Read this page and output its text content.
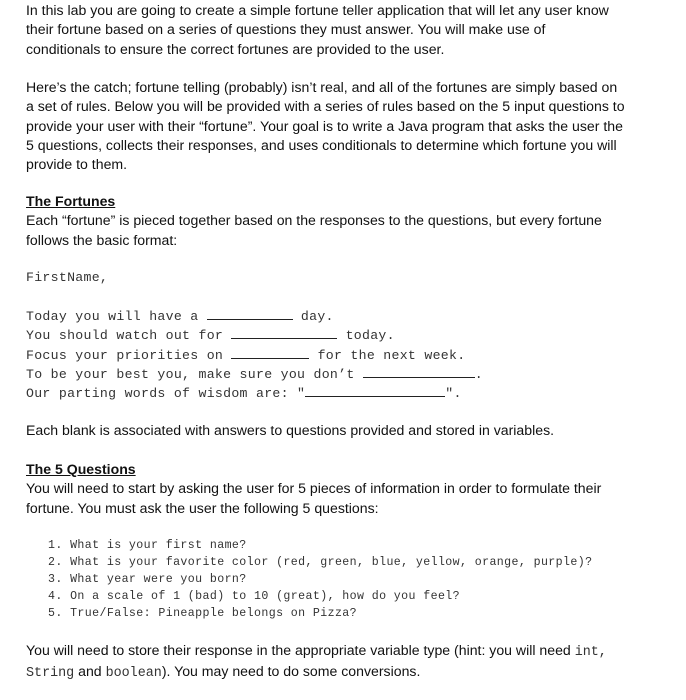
In this lab you are going to create a simple fortune teller application that will let any user know

their fortune based on a series of questions they must answer. You will make use of

conditionals to ensure the correct fortunes are provided to the user.

Here’s the catch; fortune telling (probably) isn’t real, and all of the fortunes are simply based on

a set of rules. Below you will be provided with a series of rules based on the 5 input questions to

provide your user with their “fortune”. Your goal is to write a Java program that asks the user the

5 questions, collects their responses, and uses conditionals to determine which fortune you will

provide to them.

The Fortunes

Each “fortune” is pieced together based on the responses to the questions, but every fortune

follows the basic format:

FirstName,

Today you will have a	day.

You should watch out for	today.

Focus your priorities on	for the next week.

To be your best you, make sure you don’t	.

Our parting words of wisdom are: "	".

Each blank is associated with answers to questions provided and stored in variables.

The 5 Questions

You will need to start by asking the user for 5 pieces of information in order to formulate their

fortune. You must ask the user the following 5 questions:

1. What is your first name?
2. What is your favorite color (red, green, blue, yellow, orange, purple)?
3. What year were you born?
4. On a scale of 1 (bad) to 10 (great), how do you feel?
5. True/False: Pineapple belongs on Pizza?

You will need to store their response in the appropriate variable type (hint: you will need int,

String and boolean). You may need to do some conversions.
